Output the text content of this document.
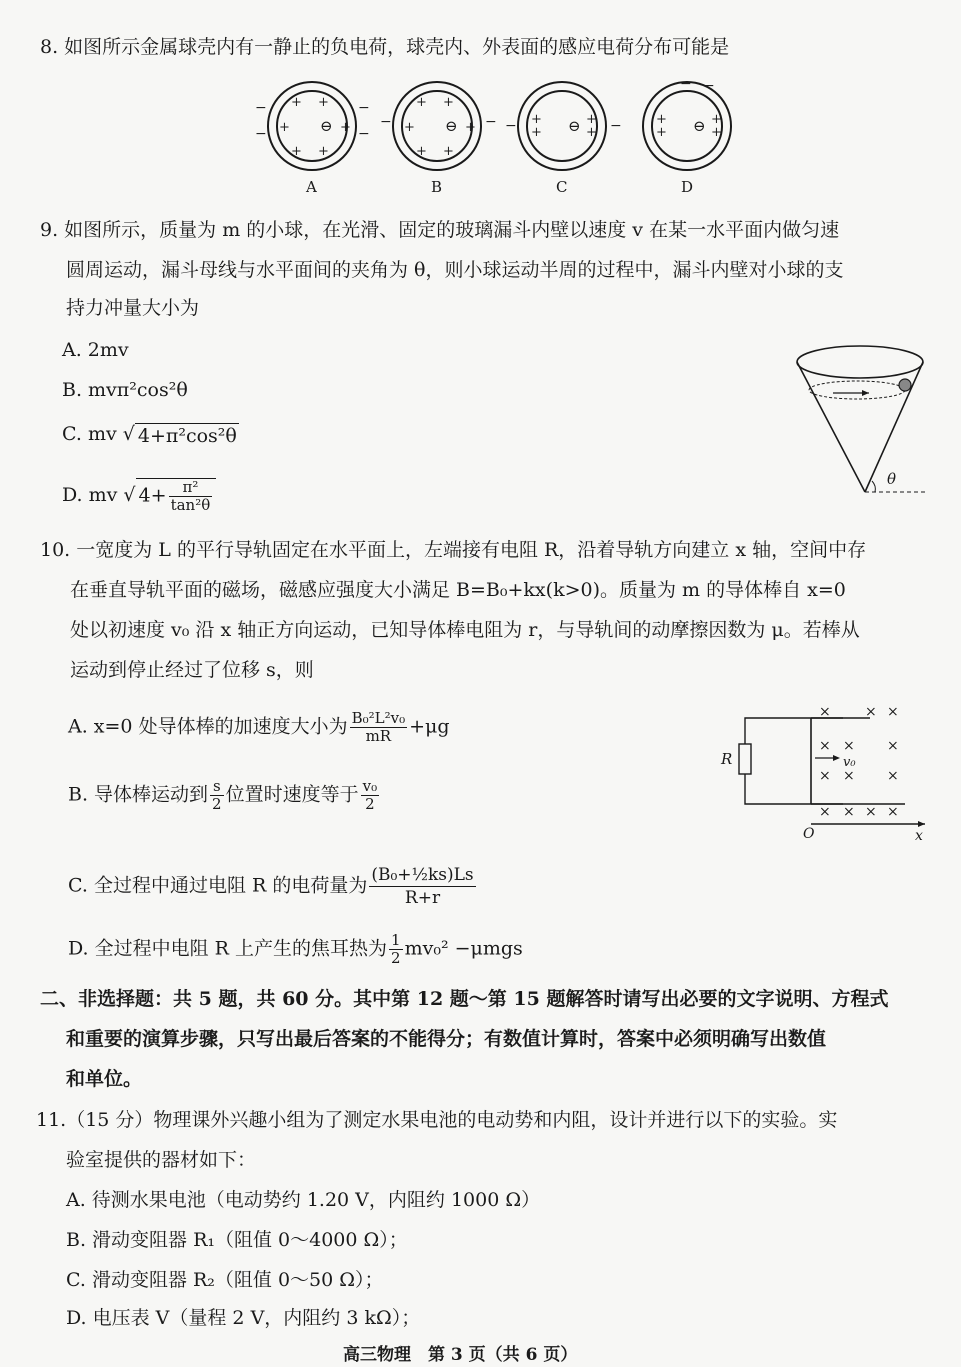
8. 如图所示金属球壳内有一静止的负电荷，球壳内、外表面的感应电荷分布可能是
+ +
+	+
+ +
⊖
−
−
−
−
A
+ +
+	+
+ +
⊖
−	−
B
+
+ ⊖ +
+
−	−
C
+
+ ⊖ +
+
− −
D
9. 如图所示，质量为 m 的小球，在光滑、固定的玻璃漏斗内壁以速度 v 在某一水平面内做匀速
圆周运动，漏斗母线与水平面间的夹角为 θ，则小球运动半周的过程中，漏斗内壁对小球的支
持力冲量大小为
A. 2mv
B. mvπ²cos²θ
C. mv √ 4+π²cos²θ
D. mv √ $4+ \frac{\text{π²}}{\text{tan²θ}}$	θ
10. 一宽度为 L 的平行导轨固定在水平面上，左端接有电阻 R，沿着导轨方向建立 x 轴，空间中存
在垂直导轨平面的磁场，磁感应强度大小满足 B=B₀+kx(k>0)。质量为 m 的导体棒自 x=0
处以初速度 v₀ 沿 x 轴正方向运动，已知导体棒电阻为 r，与导轨间的动摩擦因数为 μ。若棒从
运动到停止经过了位移 s，则
A. x=0 处导体棒的加速度大小为 $\frac{\text{B₀²L²v₀}}{mR} +\mu g$
B. 导体棒运动到 $\frac{s}{2}$ 位置时速度等于 $\frac{\text{v₀}}{2}$
C. 全过程中通过电阻 R 的电荷量为 $\frac{\text{(B₀+½ks)Ls}}{R+r}$
D. 全过程中电阻 R 上产生的焦耳热为 $\frac{1}{2} mv_0^2 -\mu mgs$
R
O	x
v₀
× × ×
× × ×
× × ×
× × × ×
二、非选择题：共 5 题，共 60 分。其中第 12 题～第 15 题解答时请写出必要的文字说明、方程式
和重要的演算步骤，只写出最后答案的不能得分；有数值计算时，答案中必须明确写出数值
和单位。
11.（15 分）物理课外兴趣小组为了测定水果电池的电动势和内阻，设计并进行以下的实验。实
验室提供的器材如下：
A. 待测水果电池（电动势约 1.20 V，内阻约 1000 Ω）
B. 滑动变阻器 R₁（阻值 0～4000 Ω）；
C. 滑动变阻器 R₂（阻值 0～50 Ω）；
D. 电压表 V（量程 2 V，内阻约 3 kΩ）；
高三物理　第 3 页（共 6 页）
